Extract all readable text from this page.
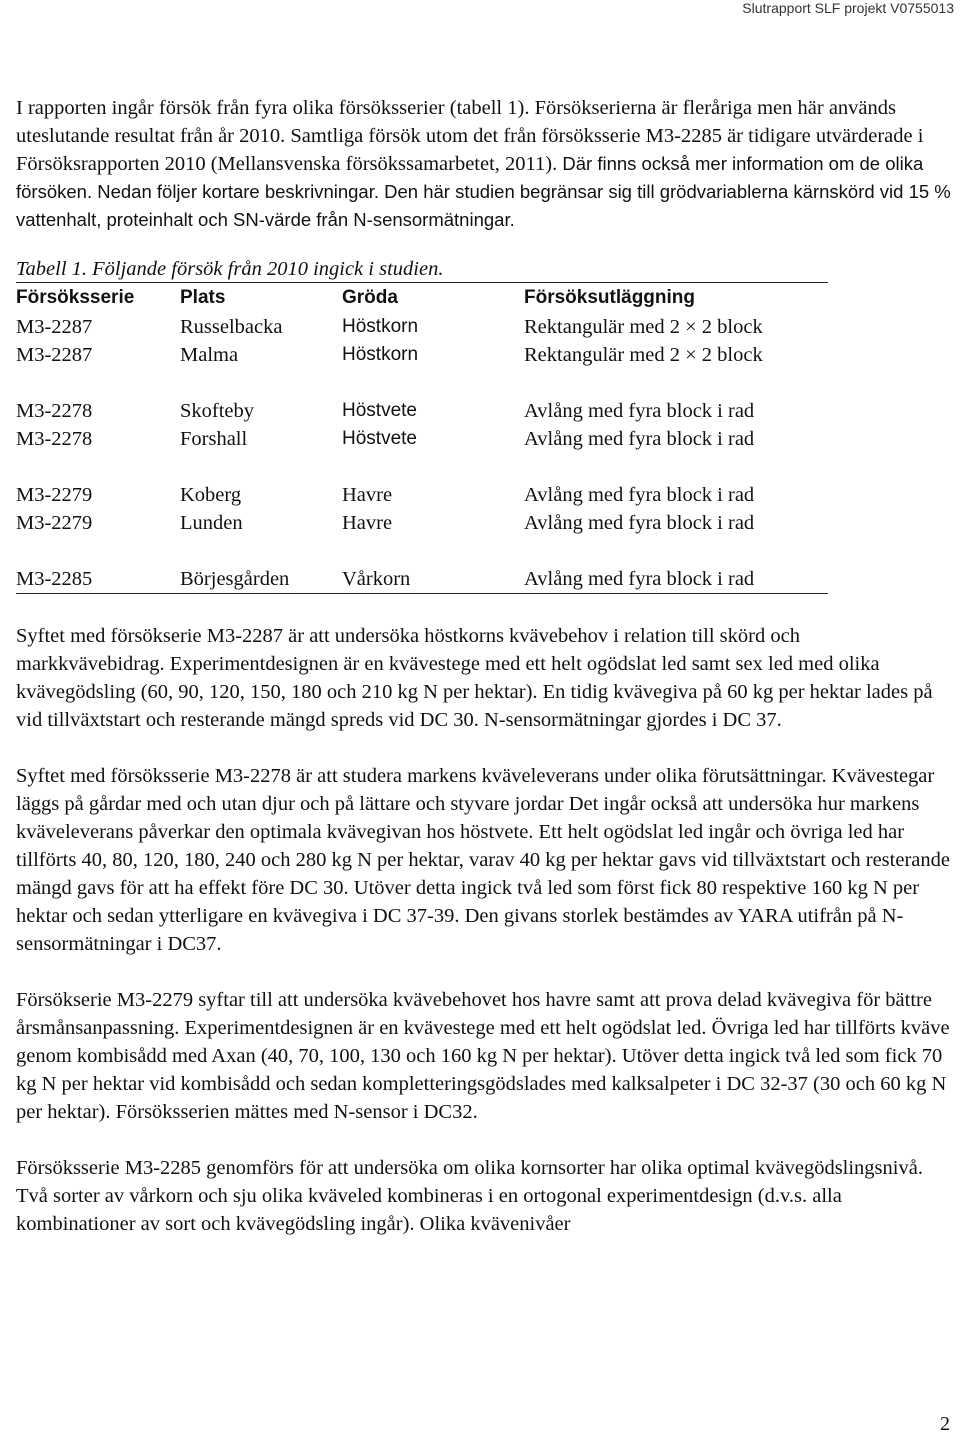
Slutrapport SLF projekt V0755013

I rapporten ingår försök från fyra olika försöksserier (tabell 1). Försökserierna är fleråriga men här används uteslutande resultat från år 2010. Samtliga försök utom det från försöksserie M3-2285 är tidigare utvärderade i Försöksrapporten 2010 (Mellansvenska försökssamarbetet, 2011). Där finns också mer information om de olika försöken. Nedan följer kortare beskrivningar. Den här studien begränsar sig till grödvariablerna kärnskörd vid 15 % vattenhalt, proteinhalt och SN-värde från N-sensormätningar.

Tabell 1. Följande försök från 2010 ingick i studien.

Försöksserie	Plats	Gröda	Försöksutläggning
M3-2287	Russelbacka	Höstkorn	Rektangulär med 2 × 2 block
M3-2287	Malma	Höstkorn	Rektangulär med 2 × 2 block

M3-2278	Skofteby	Höstvete	Avlång med fyra block i rad
M3-2278	Forshall	Höstvete	Avlång med fyra block i rad

M3-2279	Koberg	Havre	Avlång med fyra block i rad
M3-2279	Lunden	Havre	Avlång med fyra block i rad

M3-2285	Börjesgården	Vårkorn	Avlång med fyra block i rad

Syftet med försökserie M3-2287 är att undersöka höstkorns kvävebehov i relation till skörd och markkvävebidrag. Experimentdesignen är en kvävestege med ett helt ogödslat led samt sex led med olika kvävegödsling (60, 90, 120, 150, 180 och 210 kg N per hektar). En tidig kvävegiva på 60 kg per hektar lades på vid tillväxtstart och resterande mängd spreds vid DC 30. N-sensormätningar gjordes i DC 37.

Syftet med försöksserie M3-2278 är att studera markens kväveleverans under olika förutsättningar. Kvävestegar läggs på gårdar med och utan djur och på lättare och styvare jordar Det ingår också att undersöka hur markens kväveleverans påverkar den optimala kvävegivan hos höstvete. Ett helt ogödslat led ingår och övriga led har tillförts 40, 80, 120, 180, 240 och 280 kg N per hektar, varav 40 kg per hektar gavs vid tillväxtstart och resterande mängd gavs för att ha effekt före DC 30. Utöver detta ingick två led som först fick 80 respektive 160 kg N per hektar och sedan ytterligare en kvävegiva i DC 37-39. Den givans storlek bestämdes av YARA utifrån på N-sensormätningar i DC37.

Försökserie M3-2279 syftar till att undersöka kvävebehovet hos havre samt att prova delad kvävegiva för bättre årsmånsanpassning. Experimentdesignen är en kvävestege med ett helt ogödslat led. Övriga led har tillförts kväve genom kombisådd med Axan (40, 70, 100, 130 och 160 kg N per hektar). Utöver detta ingick två led som fick 70 kg N per hektar vid kombisådd och sedan kompletteringsgödslades med kalksalpeter i DC 32-37 (30 och 60 kg N per hektar). Försöksserien mättes med N-sensor i DC32.

Försöksserie M3-2285 genomförs för att undersöka om olika kornsorter har olika optimal kvävegödslingsnivå. Två sorter av vårkorn och sju olika kväveled kombineras i en ortogonal experimentdesign (d.v.s. alla kombinationer av sort och kvävegödsling ingår). Olika kvävenivåer

2
